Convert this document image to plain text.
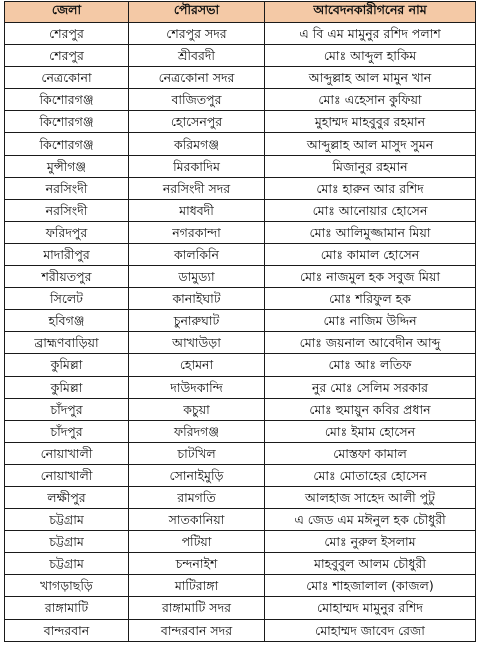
জেলা	পৌরসভা	আবেদনকারীগনের নাম
শেরপুর	শেরপুর সদর	এ বি এম মামুনুর রশিদ পলাশ
শেরপুর	শ্রীবরদী	মোঃ আব্দুল হাকিম
নেত্রকোনা	নেত্রকোনা সদর	আব্দুল্লাহ আল মামুন খান
কিশোরগঞ্জ	বাজিতপুর	মোঃ এহেসান কুফিয়া
কিশোরগঞ্জ	হোসেনপুর	মুহাম্মদ মাহবুবুর রহমান
কিশোরগঞ্জ	করিমগঞ্জ	আব্দুল্লাহ আল মাসুদ সুমন
মুন্সীগঞ্জ	মিরকাদিম	মিজানুর রহমান
নরসিংদী	নরসিংদী সদর	মোঃ হারুন আর রশিদ
নরসিংদী	মাধবদী	মোঃ আনোয়ার হোসেন
ফরিদপুর	নগরকান্দা	মোঃ আলিমুজ্জামান মিয়া
মাদারীপুর	কালকিনি	মোঃ কামাল হোসেন
শরীয়তপুর	ডামুড্যা	মোঃ নাজমুল হক সবুজ মিয়া
সিলেট	কানাইঘাট	মোঃ শরিফুল হক
হবিগঞ্জ	চুনারুঘাট	মোঃ নাজিম উদ্দিন
ব্রাহ্মণবাড়িয়া	আখাউড়া	মোঃ জয়নাল আবেদীন আব্দু
কুমিল্লা	হোমনা	মোঃ আঃ লতিফ
কুমিল্লা	দাউদকান্দি	নুর মোঃ সেলিম সরকার
চাঁদপুর	কচুয়া	মোঃ হুমায়ুন কবির প্রধান
চাঁদপুর	ফরিদগঞ্জ	মোঃ ইমাম হোসেন
নোয়াখালী	চাটখিল	মোস্তফা কামাল
নোয়াখালী	সোনাইমুড়ি	মোঃ মোতাহের হোসেন
লক্ষীপুর	রামগতি	আলহাজ সাহেদ আলী পুটু
চট্টগ্রাম	সাতকানিয়া	এ জেড এম মঈনুল হক চৌধুরী
চট্টগ্রাম	পটিয়া	মোঃ নুরুল ইসলাম
চট্টগ্রাম	চন্দনাইশ	মাহবুবুল আলম চৌধুরী
খাগড়াছড়ি	মাটিরাঙ্গা	মোঃ শাহজালাল (কাজল)
রাঙ্গামাটি	রাঙ্গামাটি সদর	মোহাম্মদ মামুনুর রশিদ
বান্দরবান	বান্দরবান সদর	মোহাম্মদ জাবেদ রেজা
